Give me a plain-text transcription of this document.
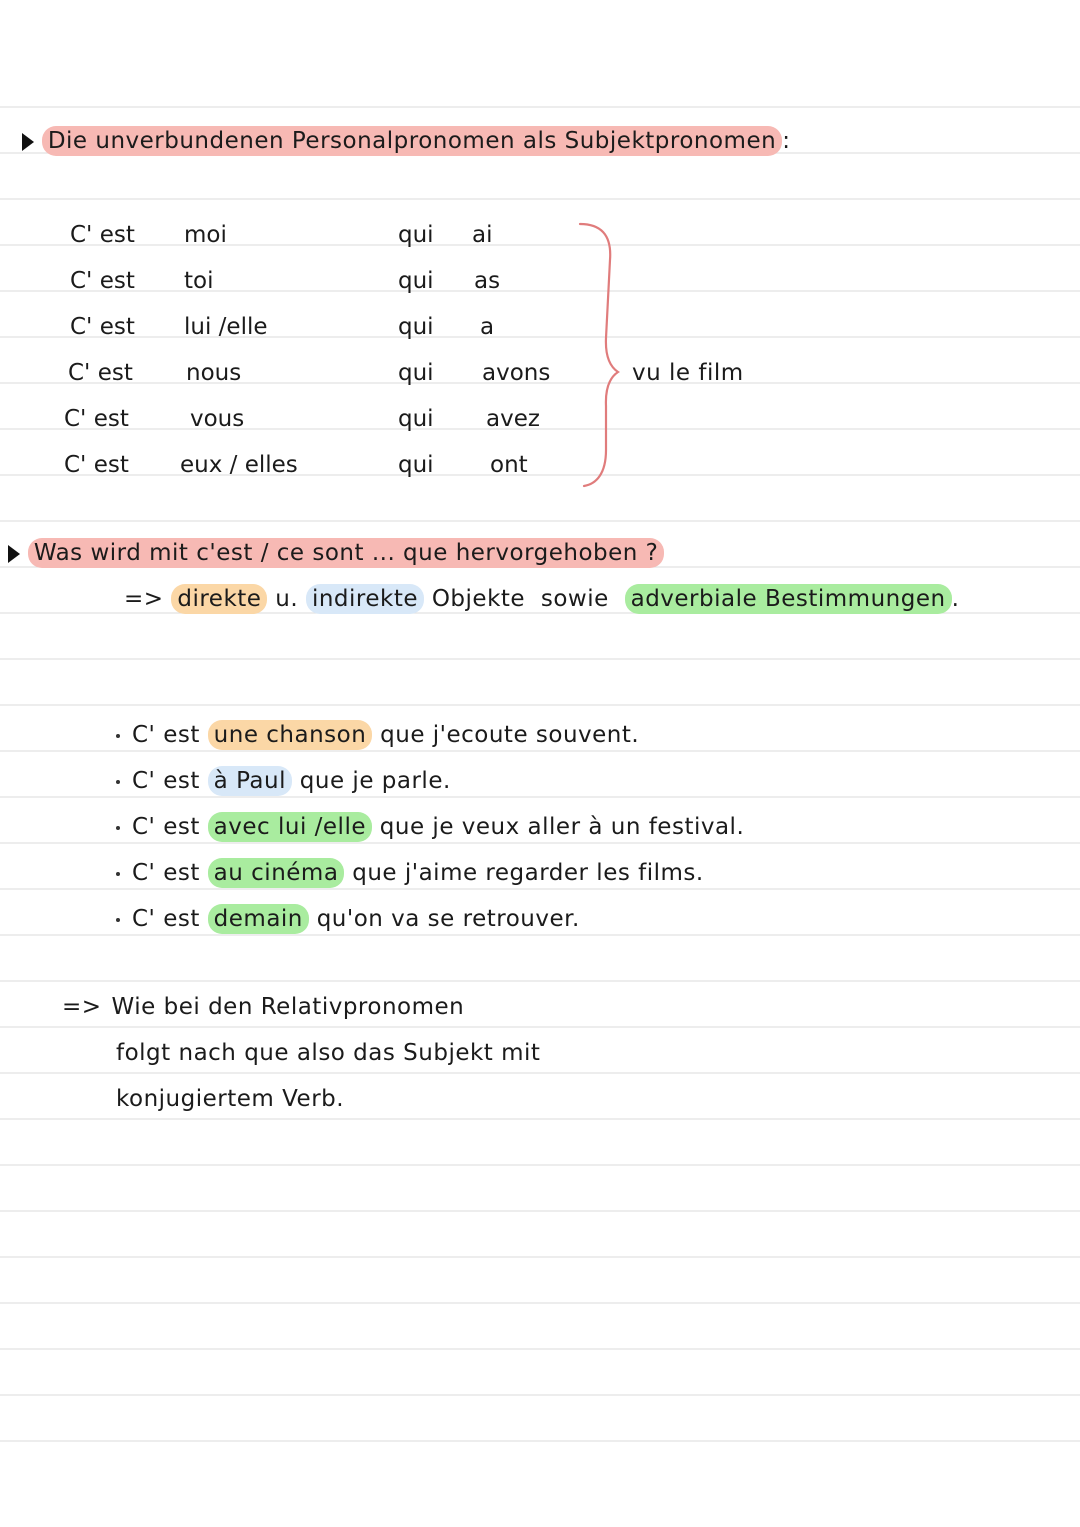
Die unverbundenen Personalpronomen als Subjektpronomen :
C' est moi	qui ai
C' est toi	qui as
C' est lui /elle	qui a
C' est nous	qui avons
C' est	vous	qui avez
C' est eux / elles	qui ont
vu le film
Was wird mit c'est / ce sont ... que hervorgehoben ?
=> direkte u. indirekte Objekte sowie adverbiale Bestimmungen .
C' est une chanson que j'ecoute souvent.
C' est à Paul que je parle.
C' est avec lui /elle que je veux aller à un festival.
C' est au cinéma que j'aime regarder les films.
C' est demain qu'on va se retrouver.
=> Wie bei den Relativpronomen
folgt nach que also das Subjekt mit
konjugiertem Verb.
